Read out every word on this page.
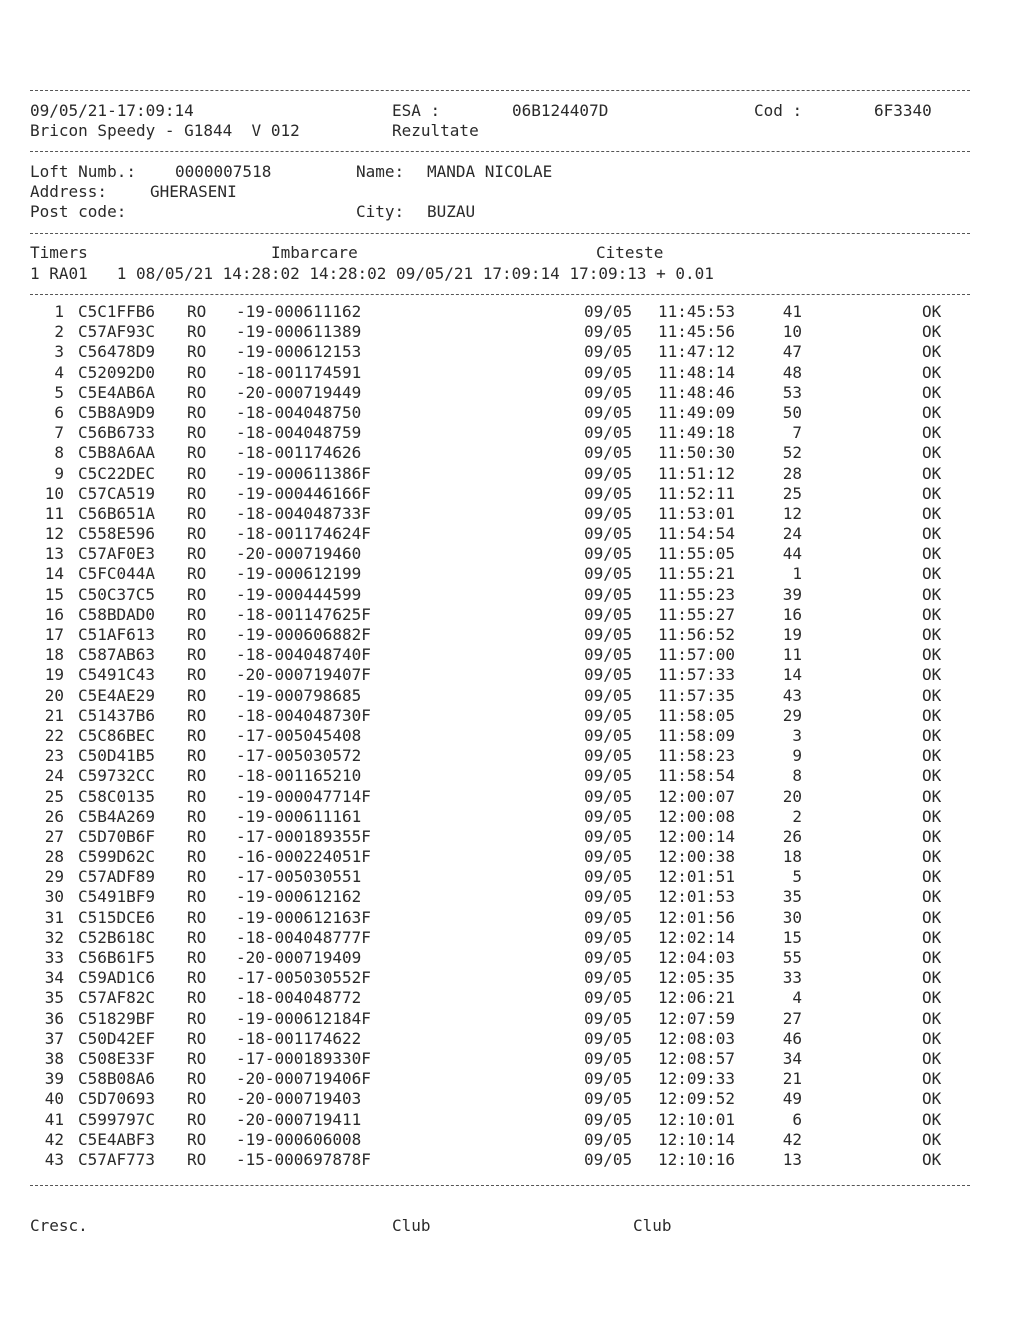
09/05/21-17:09:14	ESA :	06B124407D	Cod :	6F3340
Bricon Speedy - G1844  V 012	Rezultate
Loft Numb.: 0000007518	Name: MANDA NICOLAE
Address:	GHERASENI
Post code:	City: BUZAU
Timers	Imbarcare	Citeste
1 RA01   1 08/05/21 14:28:02 14:28:02 09/05/21 17:09:14 17:09:13 + 0.01
1 C5C1FFB6 RO -19-000611162	09/05 11:45:53	41	OK
2 C57AF93C RO -19-000611389	09/05 11:45:56	10	OK
3 C56478D9 RO -19-000612153	09/05 11:47:12	47	OK
4 C52092D0 RO -18-001174591	09/05 11:48:14	48	OK
5 C5E4AB6A RO -20-000719449	09/05 11:48:46	53	OK
6 C5B8A9D9 RO -18-004048750	09/05 11:49:09	50	OK
7 C56B6733 RO -18-004048759	09/05 11:49:18	7	OK
8 C5B8A6AA RO -18-001174626	09/05 11:50:30	52	OK
9 C5C22DEC RO -19-000611386F	09/05 11:51:12	28	OK
10 C57CA519 RO -19-000446166F	09/05 11:52:11	25	OK
11 C56B651A RO -18-004048733F	09/05 11:53:01	12	OK
12 C558E596 RO -18-001174624F	09/05 11:54:54	24	OK
13 C57AF0E3 RO -20-000719460	09/05 11:55:05	44	OK
14 C5FC044A RO -19-000612199	09/05 11:55:21	1	OK
15 C50C37C5 RO -19-000444599	09/05 11:55:23	39	OK
16 C58BDAD0 RO -18-001147625F	09/05 11:55:27	16	OK
17 C51AF613 RO -19-000606882F	09/05 11:56:52	19	OK
18 C587AB63 RO -18-004048740F	09/05 11:57:00	11	OK
19 C5491C43 RO -20-000719407F	09/05 11:57:33	14	OK
20 C5E4AE29 RO -19-000798685	09/05 11:57:35	43	OK
21 C51437B6 RO -18-004048730F	09/05 11:58:05	29	OK
22 C5C86BEC RO -17-005045408	09/05 11:58:09	3	OK
23 C50D41B5 RO -17-005030572	09/05 11:58:23	9	OK
24 C59732CC RO -18-001165210	09/05 11:58:54	8	OK
25 C58C0135 RO -19-000047714F	09/05 12:00:07	20	OK
26 C5B4A269 RO -19-000611161	09/05 12:00:08	2	OK
27 C5D70B6F RO -17-000189355F	09/05 12:00:14	26	OK
28 C599D62C RO -16-000224051F	09/05 12:00:38	18	OK
29 C57ADF89 RO -17-005030551	09/05 12:01:51	5	OK
30 C5491BF9 RO -19-000612162	09/05 12:01:53	35	OK
31 C515DCE6 RO -19-000612163F	09/05 12:01:56	30	OK
32 C52B618C RO -18-004048777F	09/05 12:02:14	15	OK
33 C56B61F5 RO -20-000719409	09/05 12:04:03	55	OK
34 C59AD1C6 RO -17-005030552F	09/05 12:05:35	33	OK
35 C57AF82C RO -18-004048772	09/05 12:06:21	4	OK
36 C51829BF RO -19-000612184F	09/05 12:07:59	27	OK
37 C50D42EF RO -18-001174622	09/05 12:08:03	46	OK
38 C508E33F RO -17-000189330F	09/05 12:08:57	34	OK
39 C58B08A6 RO -20-000719406F	09/05 12:09:33	21	OK
40 C5D70693 RO -20-000719403	09/05 12:09:52	49	OK
41 C599797C RO -20-000719411	09/05 12:10:01	6	OK
42 C5E4ABF3 RO -19-000606008	09/05 12:10:14	42	OK
43 C57AF773 RO -15-000697878F	09/05 12:10:16	13	OK
Cresc.	Club	Club
